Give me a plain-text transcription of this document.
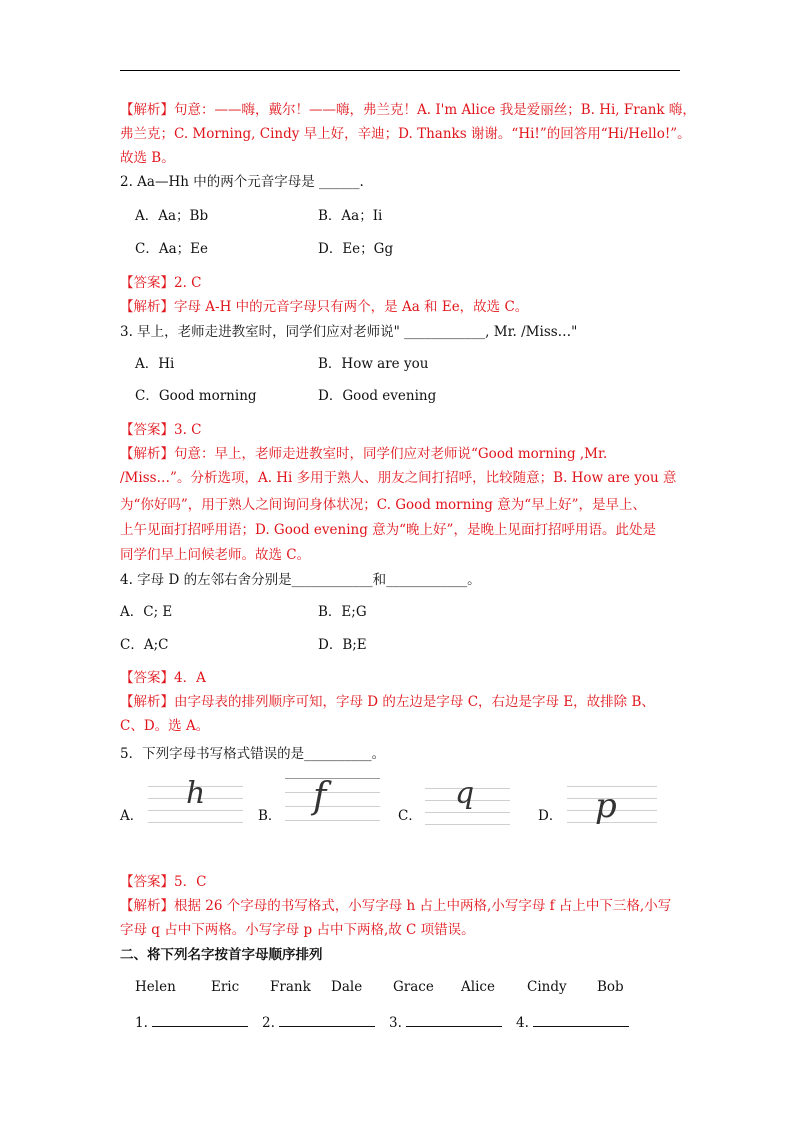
【解析】句意：——嗨，戴尔！——嗨，弗兰克！A. I'm Alice 我是爱丽丝；B. Hi, Frank 嗨，
弗兰克；C. Morning, Cindy 早上好，辛迪；D. Thanks 谢谢。“Hi!”的回答用“Hi/Hello!”。
故选 B。
2. Aa—Hh 中的两个元音字母是 ______.
A．Aa；Bb	B．Aa；Ii
C．Aa；Ee	D．Ee；Gg
【答案】2. C
【解析】字母 A-H 中的元音字母只有两个，是 Aa 和 Ee，故选 C。
3. 早上，老师走进教室时，同学们应对老师说" ____________, Mr. /Miss…"
A．Hi	B．How are you
C．Good morning	D．Good evening
【答案】3. C
【解析】句意：早上，老师走进教室时，同学们应对老师说“Good morning ,Mr.
/Miss…”。分析选项，A. Hi 多用于熟人、朋友之间打招呼，比较随意；B. How are you 意
为“你好吗”，用于熟人之间询问身体状况；C. Good morning 意为“早上好”，是早上、
上午见面打招呼用语；D. Good evening 意为“晚上好”，是晚上见面打招呼用语。此处是
同学们早上问候老师。故选 C。
4. 字母 D 的左邻右舍分别是____________和____________。
A．C; E	B．E;G
C．A;C	D．B;E
【答案】4．A
【解析】由字母表的排列顺序可知，字母 D 的左边是字母 C，右边是字母 E，故排除 B、
C、D。选 A。
5．下列字母书写格式错误的是__________。
A．
h
B． f	C．
q
D． p
【答案】5．C
【解析】根据 26 个字母的书写格式，小写字母 h 占上中两格,小写字母 f 占上中下三格,小写
字母 q 占中下两格。小写字母 p 占中下两格,故 C 项错误。
二、将下列名字按首字母顺序排列
Helen	Eric Frank Dale Grace Alice Cindy Bob
1.	2.	3.	4.
